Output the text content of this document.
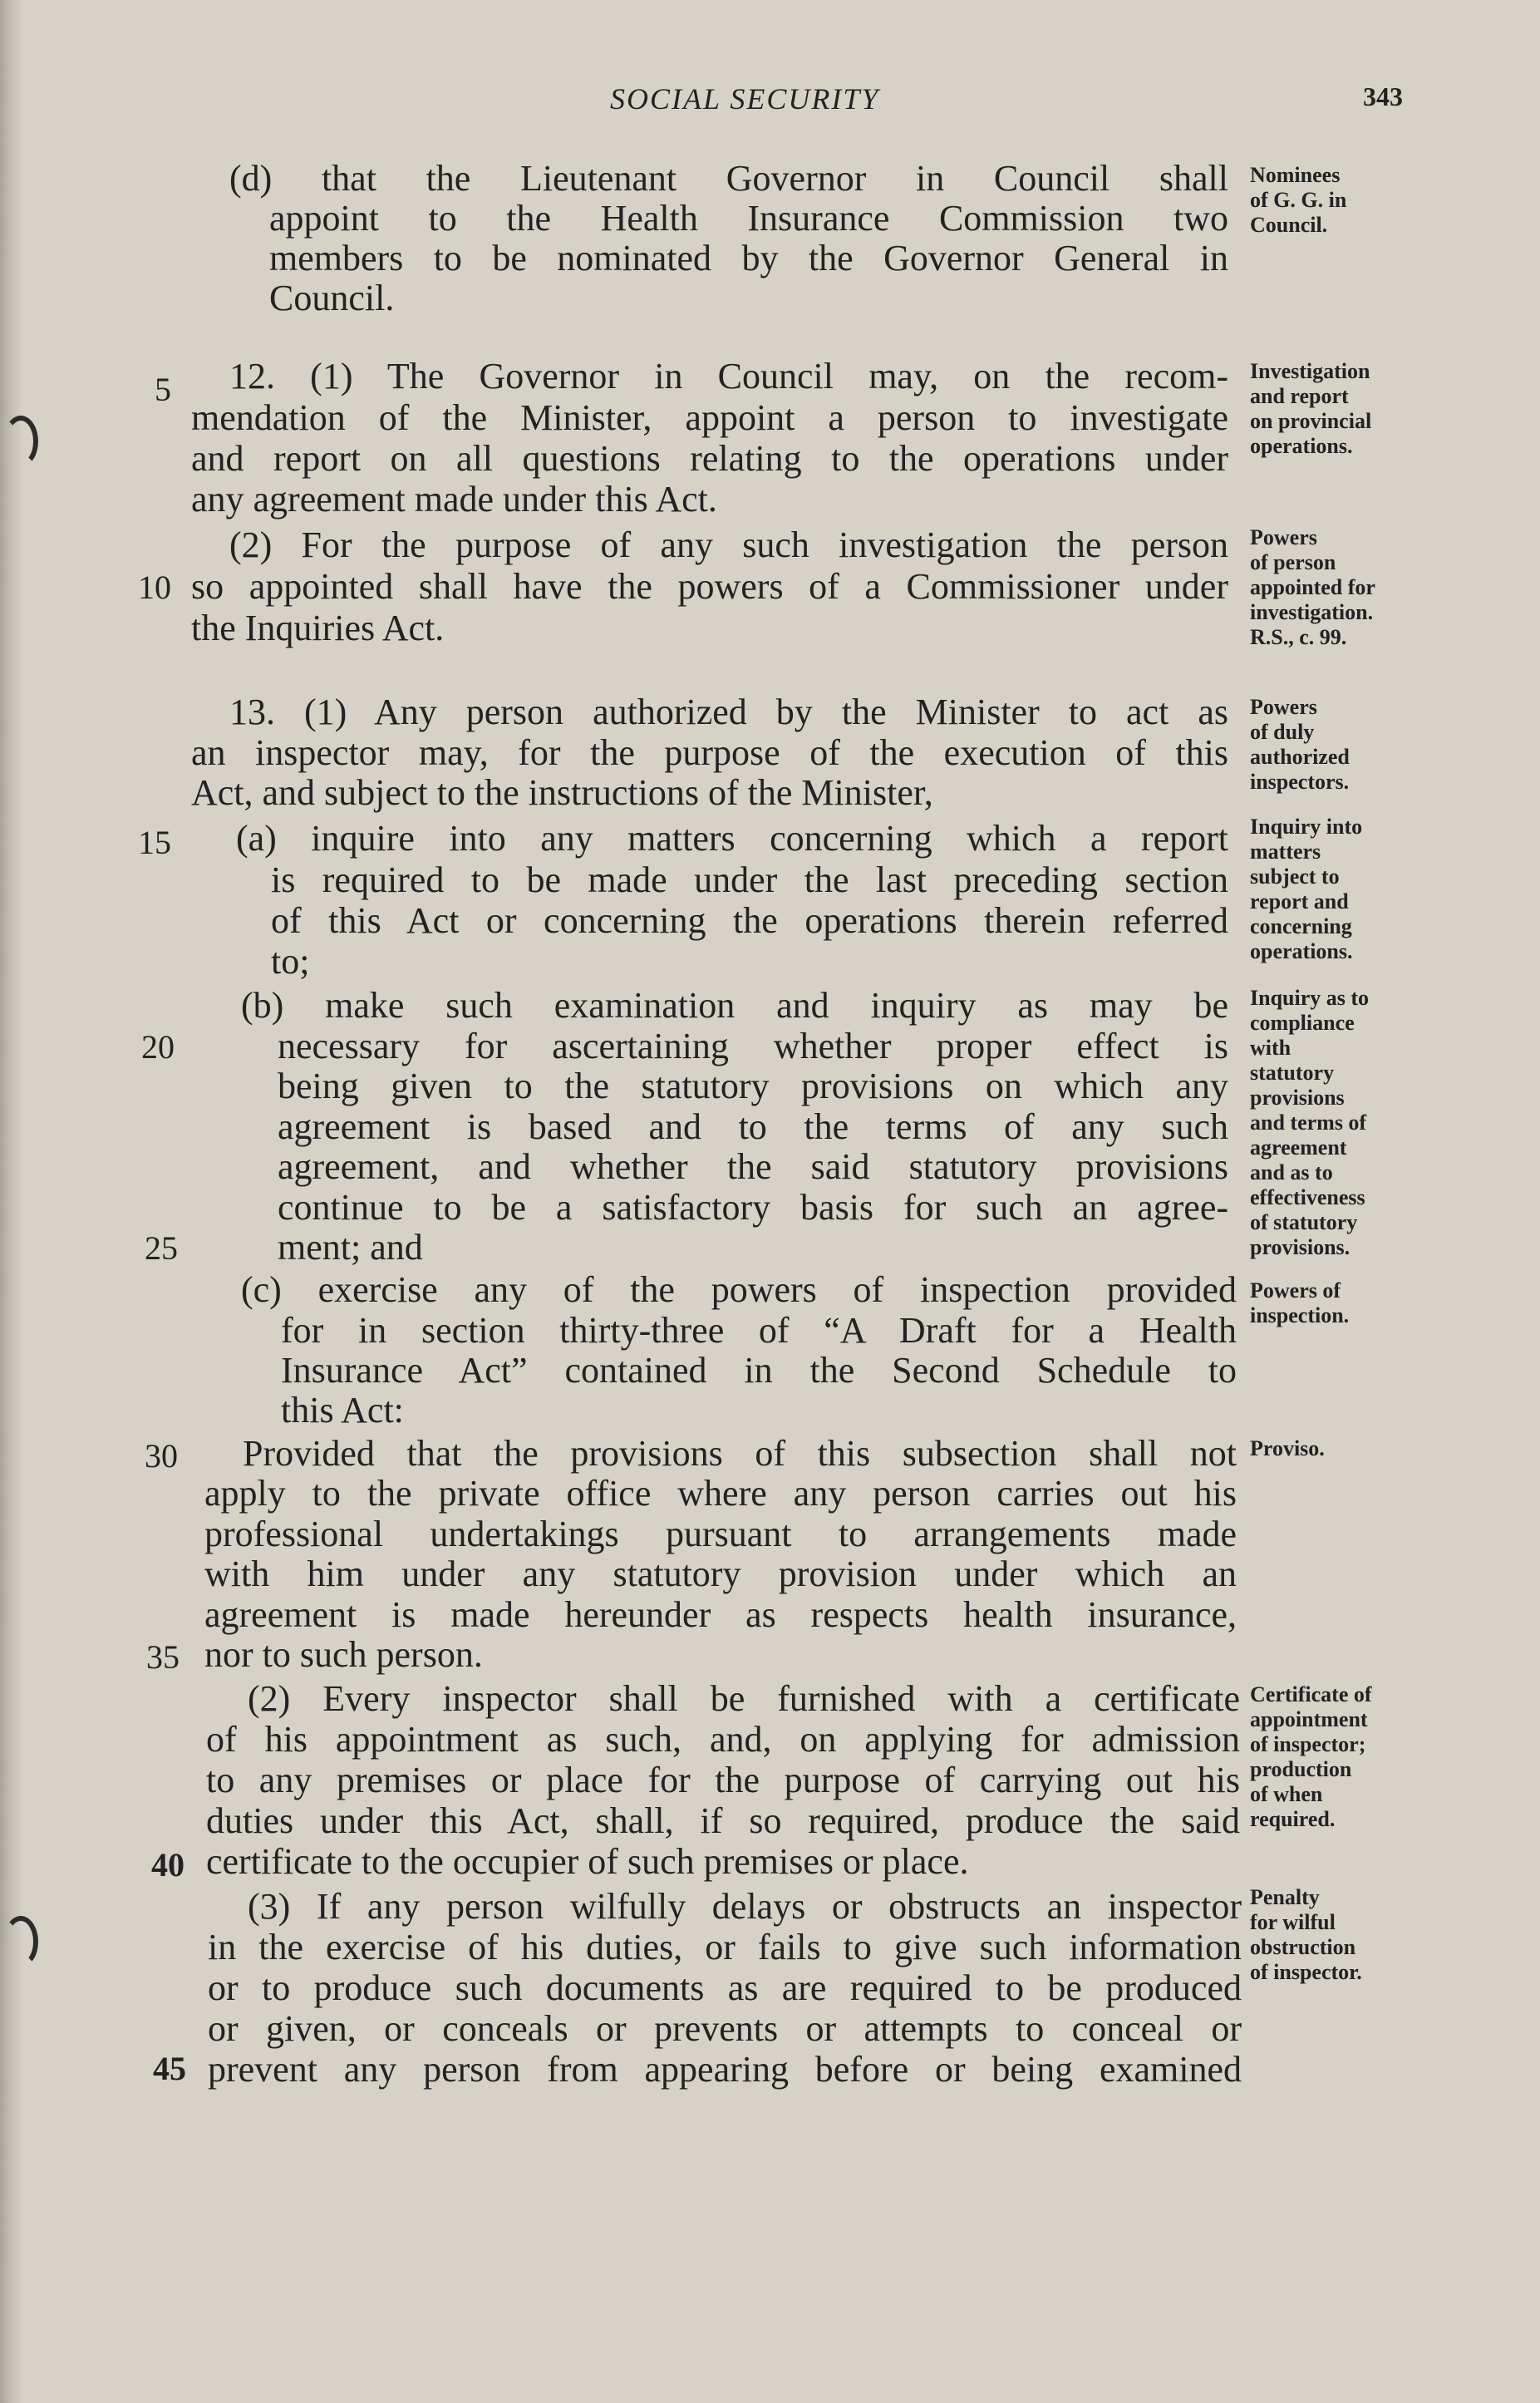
SOCIAL SECURITY	343
(d) that the Lieutenant Governor in Council shall
appoint to the Health Insurance Commission two
members to be nominated by the Governor General in
Council.
12. (1) The Governor in Council may, on the recom-
mendation of the Minister, appoint a person to investigate
and report on all questions relating to the operations under
any agreement made under this Act.
(2) For the purpose of any such investigation the person
so appointed shall have the powers of a Commissioner under
the Inquiries Act.
13. (1) Any person authorized by the Minister to act as
an inspector may, for the purpose of the execution of this
Act, and subject to the instructions of the Minister,
(a) inquire into any matters concerning which a report
is required to be made under the last preceding section
of this Act or concerning the operations therein referred
to;
(b) make such examination and inquiry as may be
necessary for ascertaining whether proper effect is
being given to the statutory provisions on which any
agreement is based and to the terms of any such
agreement, and whether the said statutory provisions
continue to be a satisfactory basis for such an agree-
ment; and
(c) exercise any of the powers of inspection provided
for in section thirty-three of “A Draft for a Health
Insurance Act” contained in the Second Schedule to
this Act:
Provided that the provisions of this subsection shall not
apply to the private office where any person carries out his
professional undertakings pursuant to arrangements made
with him under any statutory provision under which an
agreement is made hereunder as respects health insurance,
nor to such person.
(2) Every inspector shall be furnished with a certificate
of his appointment as such, and, on applying for admission
to any premises or place for the purpose of carrying out his
duties under this Act, shall, if so required, produce the said
certificate to the occupier of such premises or place.
(3) If any person wilfully delays or obstructs an inspector
in the exercise of his duties, or fails to give such information
or to produce such documents as are required to be produced
or given, or conceals or prevents or attempts to conceal or
prevent any person from appearing before or being examined
5
10
15
20
25
30
35
40
45
Nominees
of G. G. in
Council.
Investigation
and report
on provincial
operations.
Powers
of person
appointed for
investigation.
R.S., c. 99.
Powers
of duly
authorized
inspectors.
Inquiry into
matters
subject to
report and
concerning
operations.
Inquiry as to
compliance
with
statutory
provisions
and terms of
agreement
and as to
effectiveness
of statutory
provisions.
Powers of
inspection.
Proviso.
Certificate of
appointment
of inspector;
production
of when
required.
Penalty
for wilful
obstruction
of inspector.
